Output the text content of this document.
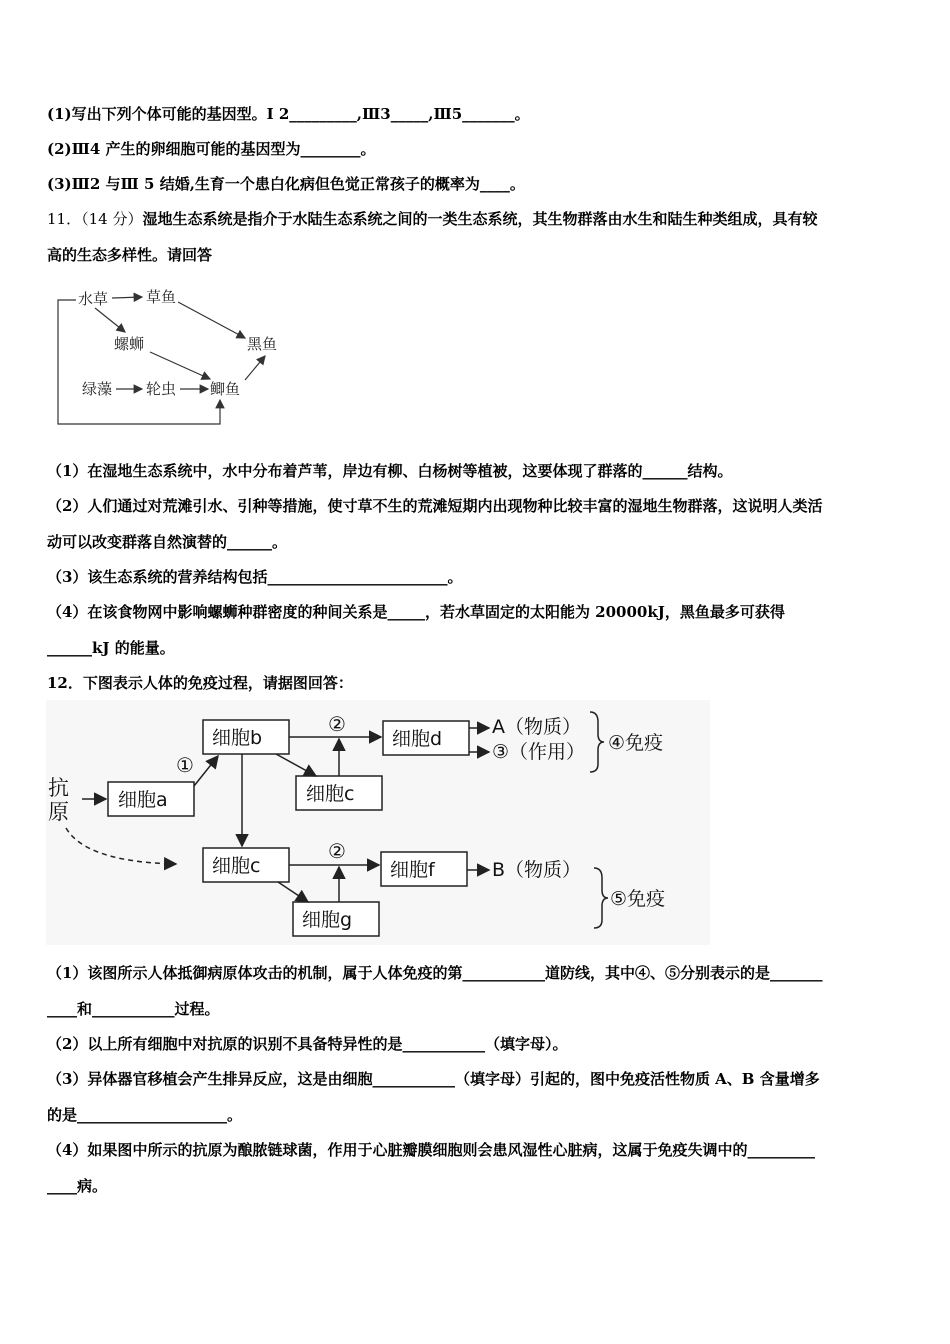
(1)写出下列个体可能的基因型。Ⅰ 2_________,Ⅲ3_____,Ⅲ5_______。
(2)Ⅲ4 产生的卵细胞可能的基因型为________。
(3)Ⅲ2 与Ⅲ 5 结婚,生育一个患白化病但色觉正常孩子的概率为____。
11．（14 分）湿地生态系统是指介于水陆生态系统之间的一类生态系统，其生物群落由水生和陆生种类组成，具有较
高的生态多样性。请回答
水草	草鱼
螺蛳	黑鱼
绿藻 轮虫 鲫鱼
（1）在湿地生态系统中，水中分布着芦苇，岸边有柳、白杨树等植被，这要体现了群落的______结构。
（2）人们通过对荒滩引水、引种等措施，使寸草不生的荒滩短期内出现物种比较丰富的湿地生物群落，这说明人类活
动可以改变群落自然演替的______。
（3）该生态系统的营养结构包括________________________。
（4）在该食物网中影响螺蛳种群密度的种间关系是_____，若水草固定的太阳能为 20000kJ，黑鱼最多可获得
______kJ 的能量。
12．下图表示人体的免疫过程，请据图回答：
抗
原	细胞a
细胞b
细胞c
细胞d
细胞c	细胞f
细胞g
①
②
②
A（物质）
③（作用）
B（物质）
④免疫
⑤免疫
（1）该图所示人体抵御病原体攻击的机制，属于人体免疫的第___________道防线，其中④、⑤分别表示的是_______
____和___________过程。
（2）以上所有细胞中对抗原的识别不具备特异性的是___________（填字母）。
（3）异体器官移植会产生排异反应，这是由细胞___________（填字母）引起的，图中免疫活性物质 A、B 含量增多
的是____________________。
（4）如果图中所示的抗原为酿脓链球菌，作用于心脏瓣膜细胞则会患风湿性心脏病，这属于免疫失调中的_________
____病。
